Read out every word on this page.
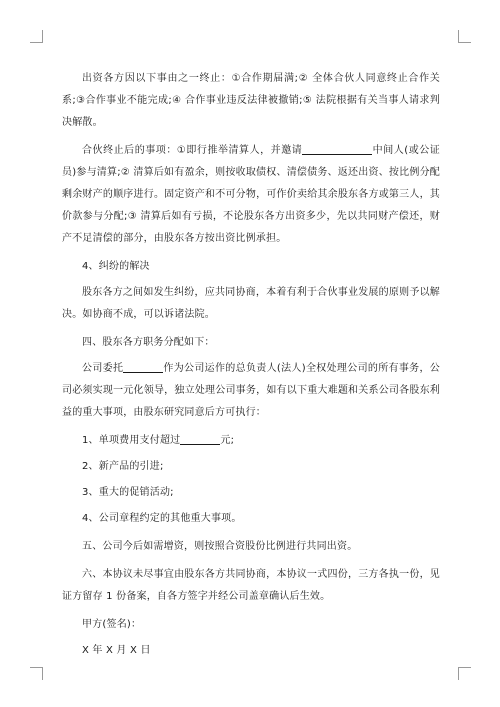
出资各方因以下事由之一终止：①合作期届满;② 全体合伙人同意终止合作关系;③合作事业不能完成;④ 合作事业违反法律被撤销;⑤ 法院根据有关当事人请求判决解散。

合伙终止后的事项：①即行推举清算人，并邀请	中间人(或公证员)参与清算;② 清算后如有盈余，则按收取债权、清偿债务、返还出资、按比例分配剩余财产的顺序进行。固定资产和不可分物，可作价卖给其余股东各方或第三人，其价款参与分配;③ 清算后如有亏损，不论股东各方出资多少，先以共同财产偿还，财产不足清偿的部分，由股东各方按出资比例承担。

4、纠纷的解决

股东各方之间如发生纠纷，应共同协商，本着有利于合伙事业发展的原则予以解决。如协商不成，可以诉诸法院。

四、股东各方职务分配如下：

公司委托	作为公司运作的总负责人(法人)全权处理公司的所有事务，公司必须实现一元化领导，独立处理公司事务，如有以下重大难题和关系公司各股东利益的重大事项，由股东研究同意后方可执行：

1、单项费用支付超过	元;

2、新产品的引进;

3、重大的促销活动;

4、公司章程约定的其他重大事项。

五、公司今后如需增资，则按照合资股份比例进行共同出资。

六、本协议未尽事宜由股东各方共同协商，本协议一式四份，三方各执一份，见证方留存 1 份备案，自各方签字并经公司盖章确认后生效。

甲方(签名)：

X 年 X 月 X 日
